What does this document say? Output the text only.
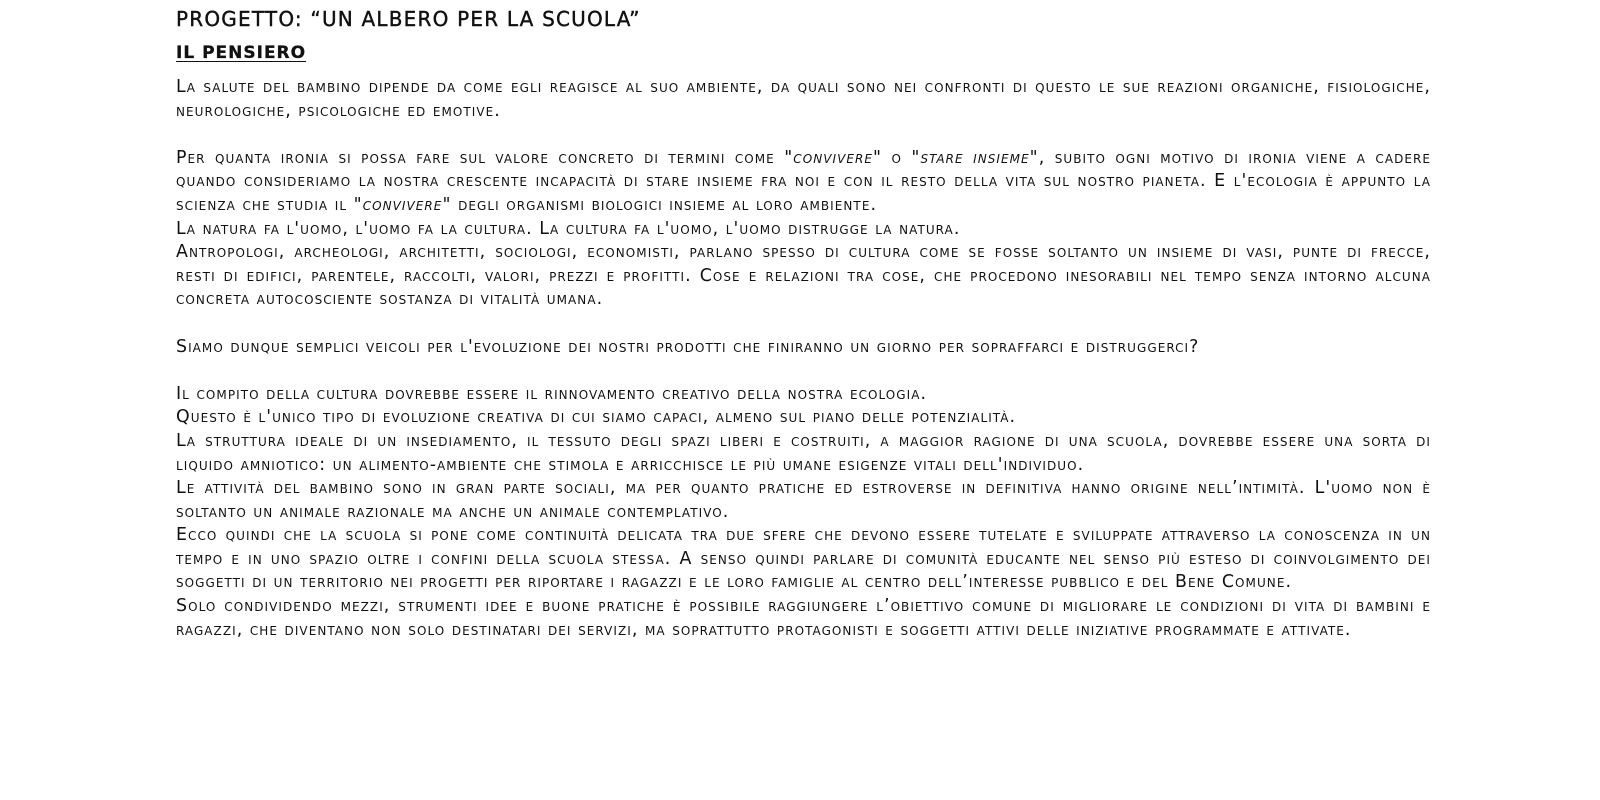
PROGETTO: “UN ALBERO PER LA SCUOLA”
IL PENSIERO

La salute del bambino dipende da come egli reagisce al suo ambiente, da quali sono nei confronti di questo le sue reazioni organiche, fisiologiche, neurologiche, psicologiche ed emotive.

Per quanta ironia si possa fare sul valore concreto di termini come "convivere" o "stare insieme", subito ogni motivo di ironia viene a cadere quando consideriamo la nostra crescente incapacità di stare insieme fra noi e con il resto della vita sul nostro pianeta. E l'ecologia è appunto la scienza che studia il "convivere" degli organismi biologici insieme al loro ambiente.

La natura fa l'uomo, l'uomo fa la cultura. La cultura fa l'uomo, l'uomo distrugge la natura.

Antropologi, archeologi, architetti, sociologi, economisti, parlano spesso di cultura come se fosse soltanto un insieme di vasi, punte di frecce, resti di edifici, parentele, raccolti, valori, prezzi e profitti. Cose e relazioni tra cose, che procedono inesorabili nel tempo senza intorno alcuna concreta autocosciente sostanza di vitalità umana.

Siamo dunque semplici veicoli per l'evoluzione dei nostri prodotti che finiranno un giorno per sopraffarci e distruggerci?

Il compito della cultura dovrebbe essere il rinnovamento creativo della nostra ecologia.

Questo è l'unico tipo di evoluzione creativa di cui siamo capaci, almeno sul piano delle potenzialità.

La struttura ideale di un insediamento, il tessuto degli spazi liberi e costruiti, a maggior ragione di una scuola, dovrebbe essere una sorta di liquido amniotico: un alimento-ambiente che stimola e arricchisce le più umane esigenze vitali dell'individuo.

Le attività del bambino sono in gran parte sociali, ma per quanto pratiche ed estroverse in definitiva hanno origine nell’intimità. L'uomo non è soltanto un animale razionale ma anche un animale contemplativo.

Ecco quindi che la scuola si pone come continuità delicata tra due sfere che devono essere tutelate e sviluppate attraverso la conoscenza in un tempo e in uno spazio oltre i confini della scuola stessa. A senso quindi parlare di comunità educante nel senso più esteso di coinvolgimento dei soggetti di un territorio nei progetti per riportare i ragazzi e le loro famiglie al centro dell’interesse pubblico e del Bene Comune.

Solo condividendo mezzi, strumenti idee e buone pratiche è possibile raggiungere l’obiettivo comune di migliorare le condizioni di vita di bambini e ragazzi, che diventano non solo destinatari dei servizi, ma soprattutto protagonisti e soggetti attivi delle iniziative programmate e attivate.
